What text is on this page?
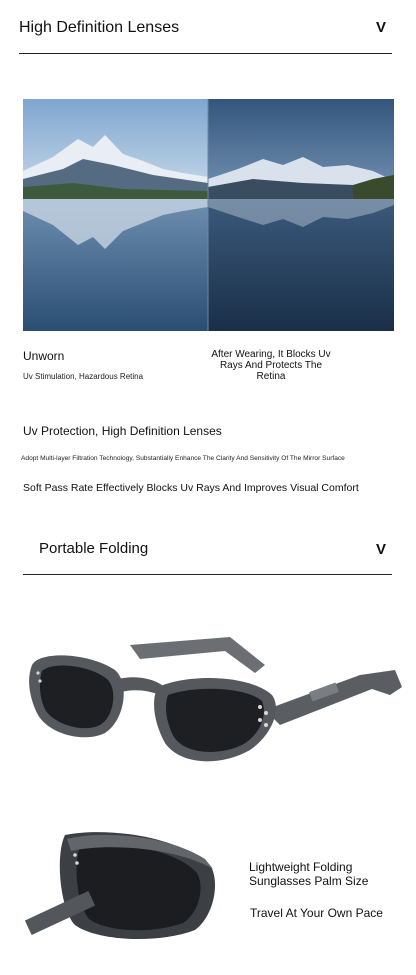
High Definition Lenses	V
Unworn
Uv Stimulation, Hazardous Retina
After Wearing, It Blocks Uv Rays And Protects The Retina
Uv Protection, High Definition Lenses
Adopt Multi-layer Filtration Technology, Substantially Enhance The Clarity And Sensitivity Of The Mirror Surface
Soft Pass Rate Effectively Blocks Uv Rays And Improves Visual Comfort
Portable Folding	V
Lightweight Folding
Sunglasses Palm Size
Travel At Your Own Pace
